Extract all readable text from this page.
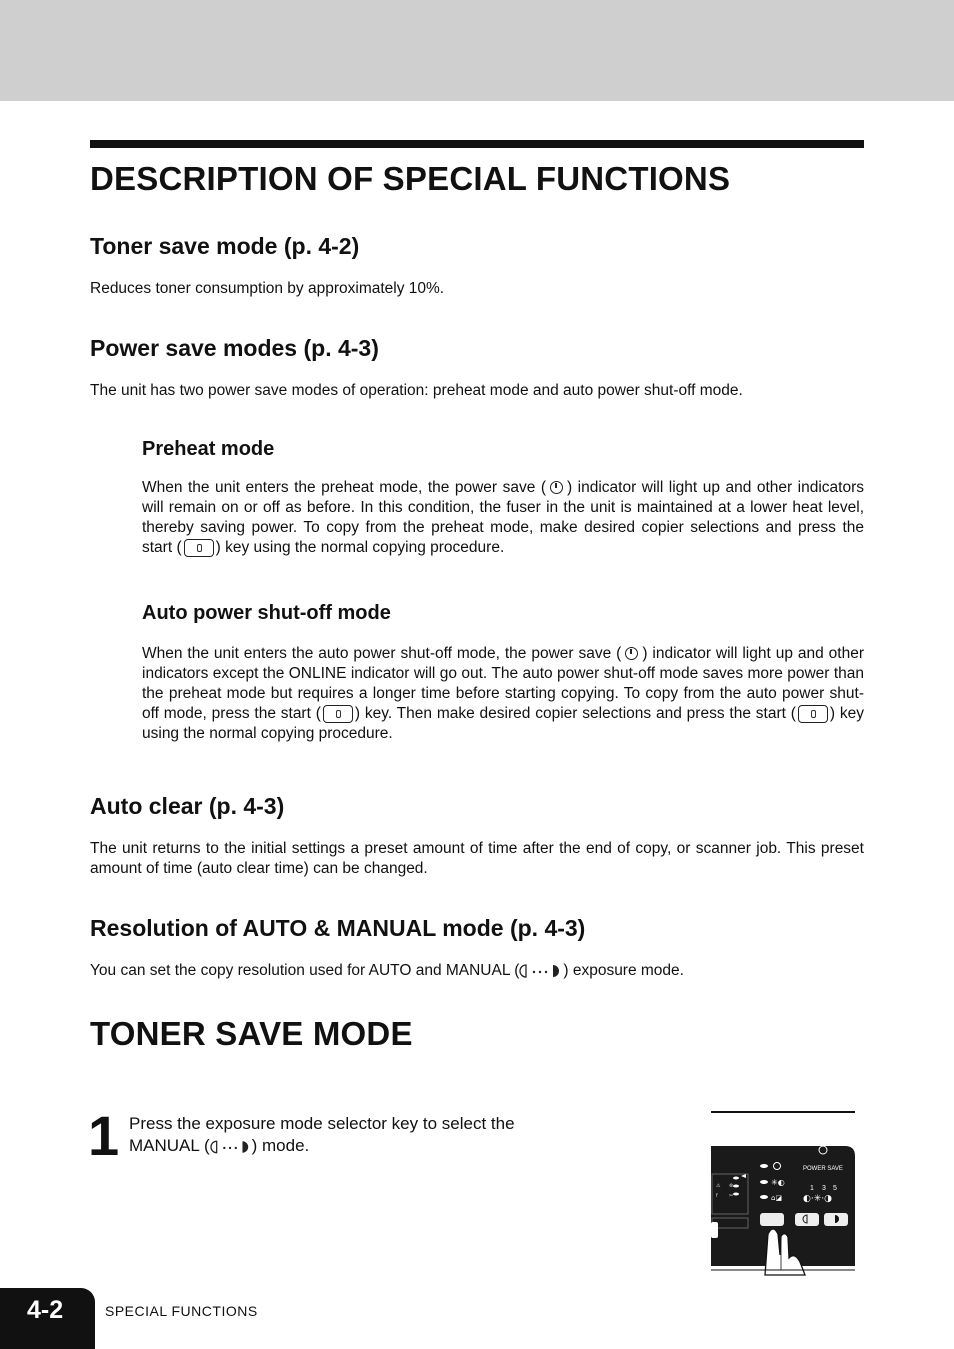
DESCRIPTION OF SPECIAL FUNCTIONS
Toner save mode (p. 4-2)
Reduces toner consumption by approximately 10%.
Power save modes (p. 4-3)
The unit has two power save modes of operation: preheat mode and auto power shut-off mode.
Preheat mode
When the unit enters the preheat mode, the power save ( ) indicator will light up and other indicators will remain on or off as before. In this condition, the fuser in the unit is maintained at a lower heat level, thereby saving power. To copy from the preheat mode, make desired copier selections and press the start ( ) key using the normal copying procedure.
Auto power shut-off mode
When the unit enters the auto power shut-off mode, the power save ( ) indicator will light up and other indicators except the ONLINE indicator will go out. The auto power shut-off mode saves more power than the preheat mode but requires a longer time before starting copying. To copy from the auto power shut-off mode, press the start ( ) key. Then make desired copier selections and press the start ( ) key using the normal copying procedure.
Auto clear (p. 4-3)
The unit returns to the initial settings a preset amount of time after the end of copy, or scanner job. This preset amount of time (auto clear time) can be changed.
Resolution of AUTO & MANUAL mode (p. 4-3)
You can set the copy resolution used for AUTO and MANUAL (	) exposure mode.
TONER SAVE MODE
1 Press the exposure mode selector key to select the MANUAL ( ) mode.
⚠
f
⊗
✂
✳◐
⌂◪
POWER SAVE
1 3 5
◐·✳·◑
4-2	SPECIAL FUNCTIONS
